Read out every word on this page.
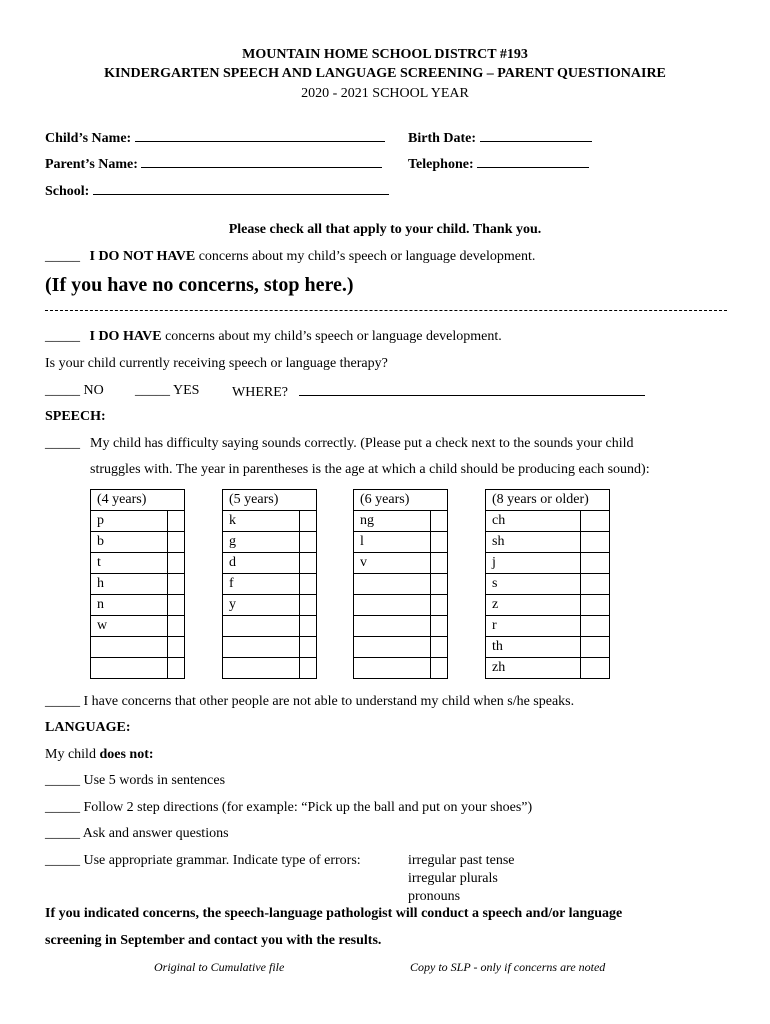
MOUNTAIN HOME SCHOOL DISTRCT #193
KINDERGARTEN SPEECH AND LANGUAGE SCREENING – PARENT QUESTIONAIRE
2020 - 2021 SCHOOL YEAR
Child’s Name:	Birth Date:
Parent’s Name:	Telephone:
School:
Please check all that apply to your child. Thank you.
_____ I DO NOT HAVE concerns about my child’s speech or language development.
(If you have no concerns, stop here.)
_____ I DO HAVE concerns about my child’s speech or language development.
Is your child currently receiving speech or language therapy?
_____ NO _____ YES WHERE?
SPEECH:
_____ My child has difficulty saying sounds correctly. (Please put a check next to the sounds your child
struggles with. The year in parentheses is the age at which a child should be producing each sound):
(4 years)	
p	
b	
t	
h	
n	
w	

(5 years)	
k	
g	
d	
f	
y	

(6 years)	
ng	
l	
v	

(8 years or older)	
ch	
sh	
j	
s	
z	
r	
th	
zh	
_____ I have concerns that other people are not able to understand my child when s/he speaks.
LANGUAGE:
My child does not:
_____ Use 5 words in sentences
_____ Follow 2 step directions (for example: “Pick up the ball and put on your shoes”)
_____ Ask and answer questions
_____ Use appropriate grammar. Indicate type of errors:	irregular past tense
irregular plurals
pronouns
If you indicated concerns, the speech-language pathologist will conduct a speech and/or language
screening in September and contact you with the results.
Original to Cumulative file	Copy to SLP - only if concerns are noted
